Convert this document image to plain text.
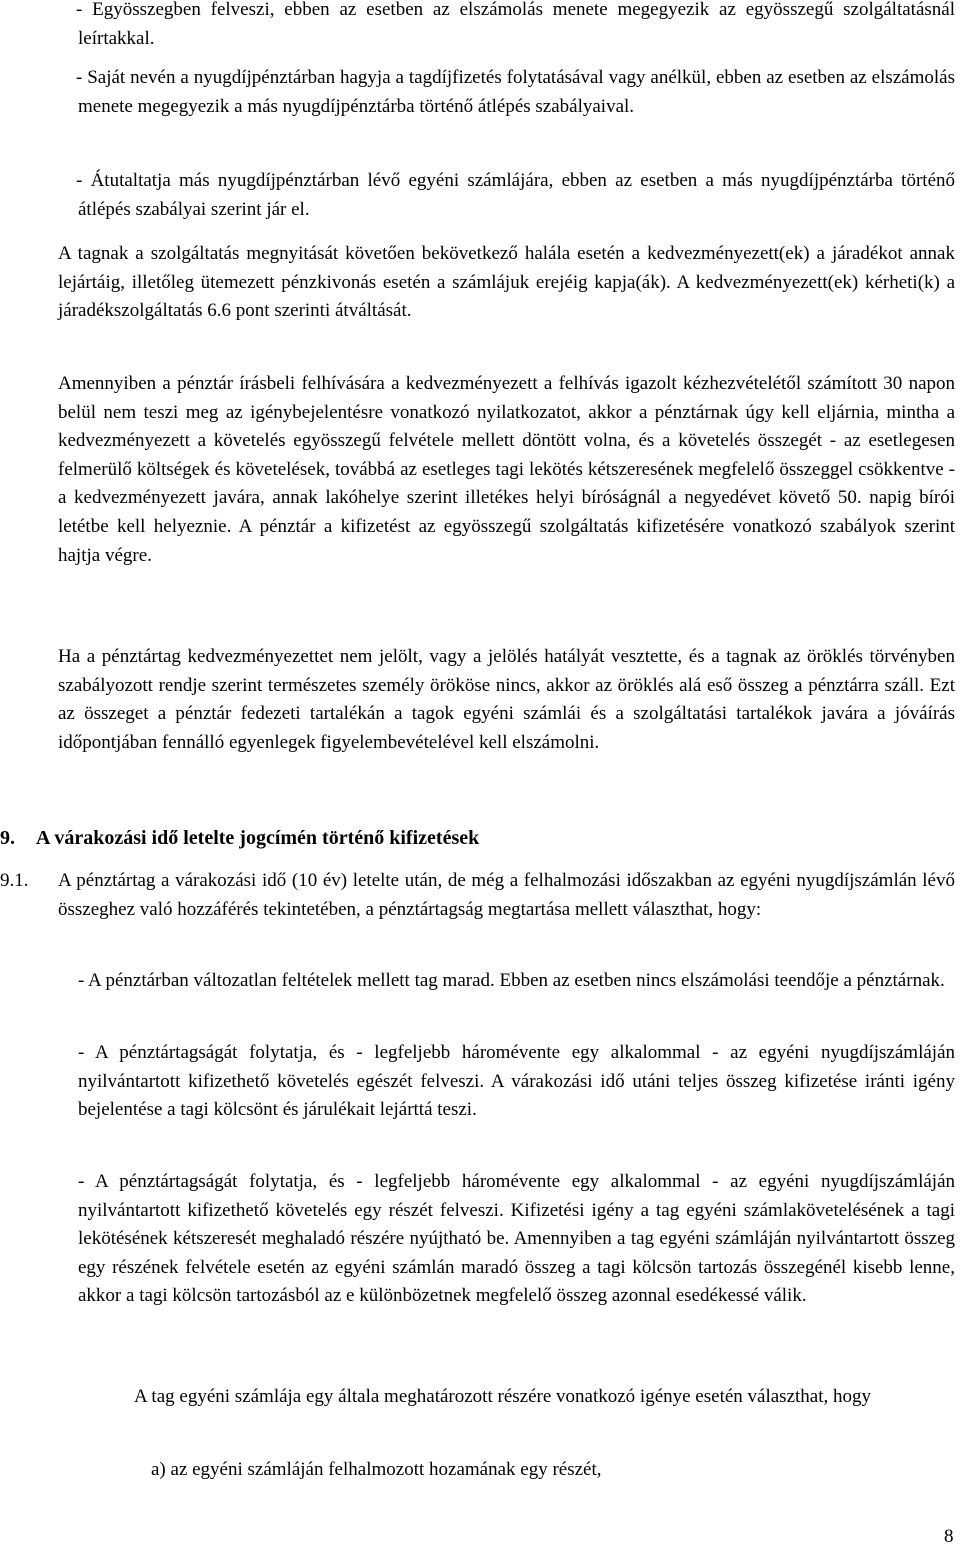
- Egyösszegben felveszi, ebben az esetben az elszámolás menete megegyezik az egyösszegű szolgáltatásnál leírtakkal.

- Saját nevén a nyugdíjpénztárban hagyja a tagdíjfizetés folytatásával vagy anélkül, ebben az esetben az elszámolás menete megegyezik a más nyugdíjpénztárba történő átlépés szabályaival.

- Átutaltatja más nyugdíjpénztárban lévő egyéni számlájára, ebben az esetben a más nyugdíjpénztárba történő átlépés szabályai szerint jár el.

A tagnak a szolgáltatás megnyitását követően bekövetkező halála esetén a kedvezményezett(ek) a járadékot annak lejártáig, illetőleg ütemezett pénzkivonás esetén a számlájuk erejéig kapja(ák). A kedvezményezett(ek) kérheti(k) a járadékszolgáltatás 6.6 pont szerinti átváltását.

Amennyiben a pénztár írásbeli felhívására a kedvezményezett a felhívás igazolt kézhezvételétől számított 30 napon belül nem teszi meg az igénybejelentésre vonatkozó nyilatkozatot, akkor a pénztárnak úgy kell eljárnia, mintha a kedvezményezett a követelés egyösszegű felvétele mellett döntött volna, és a követelés összegét - az esetlegesen felmerülő költségek és követelések, továbbá az esetleges tagi lekötés kétszeresének megfelelő összeggel csökkentve - a kedvezményezett javára, annak lakóhelye szerint illetékes helyi bíróságnál a negyedévet követő 50. napig bírói letétbe kell helyeznie. A pénztár a kifizetést az egyösszegű szolgáltatás kifizetésére vonatkozó szabályok szerint hajtja végre.

Ha a pénztártag kedvezményezettet nem jelölt, vagy a jelölés hatályát vesztette, és a tagnak az öröklés törvényben szabályozott rendje szerint természetes személy örököse nincs, akkor az öröklés alá eső összeg a pénztárra száll. Ezt az összeget a pénztár fedezeti tartalékán a tagok egyéni számlái és a szolgáltatási tartalékok javára a jóváírás időpontjában fennálló egyenlegek figyelembevételével kell elszámolni.

9. A várakozási idő letelte jogcímén történő kifizetések

9.1. A pénztártag a várakozási idő (10 év) letelte után, de még a felhalmozási időszakban az egyéni nyugdíjszámlán lévő összeghez való hozzáférés tekintetében, a pénztártagság megtartása mellett választhat, hogy:

- A pénztárban változatlan feltételek mellett tag marad. Ebben az esetben nincs elszámolási teendője a pénztárnak.

- A pénztártagságát folytatja, és - legfeljebb háromévente egy alkalommal - az egyéni nyugdíjszámláján nyilvántartott kifizethető követelés egészét felveszi. A várakozási idő utáni teljes összeg kifizetése iránti igény bejelentése a tagi kölcsönt és járulékait lejárttá teszi.

- A pénztártagságát folytatja, és - legfeljebb háromévente egy alkalommal - az egyéni nyugdíjszámláján nyilvántartott kifizethető követelés egy részét felveszi. Kifizetési igény a tag egyéni számlakövetelésének a tagi lekötésének kétszeresét meghaladó részére nyújtható be. Amennyiben a tag egyéni számláján nyilvántartott összeg egy részének felvétele esetén az egyéni számlán maradó összeg a tagi kölcsön tartozás összegénél kisebb lenne, akkor a tagi kölcsön tartozásból az e különbözetnek megfelelő összeg azonnal esedékessé válik.

A tag egyéni számlája egy általa meghatározott részére vonatkozó igénye esetén választhat, hogy

a) az egyéni számláján felhalmozott hozamának egy részét,

8
